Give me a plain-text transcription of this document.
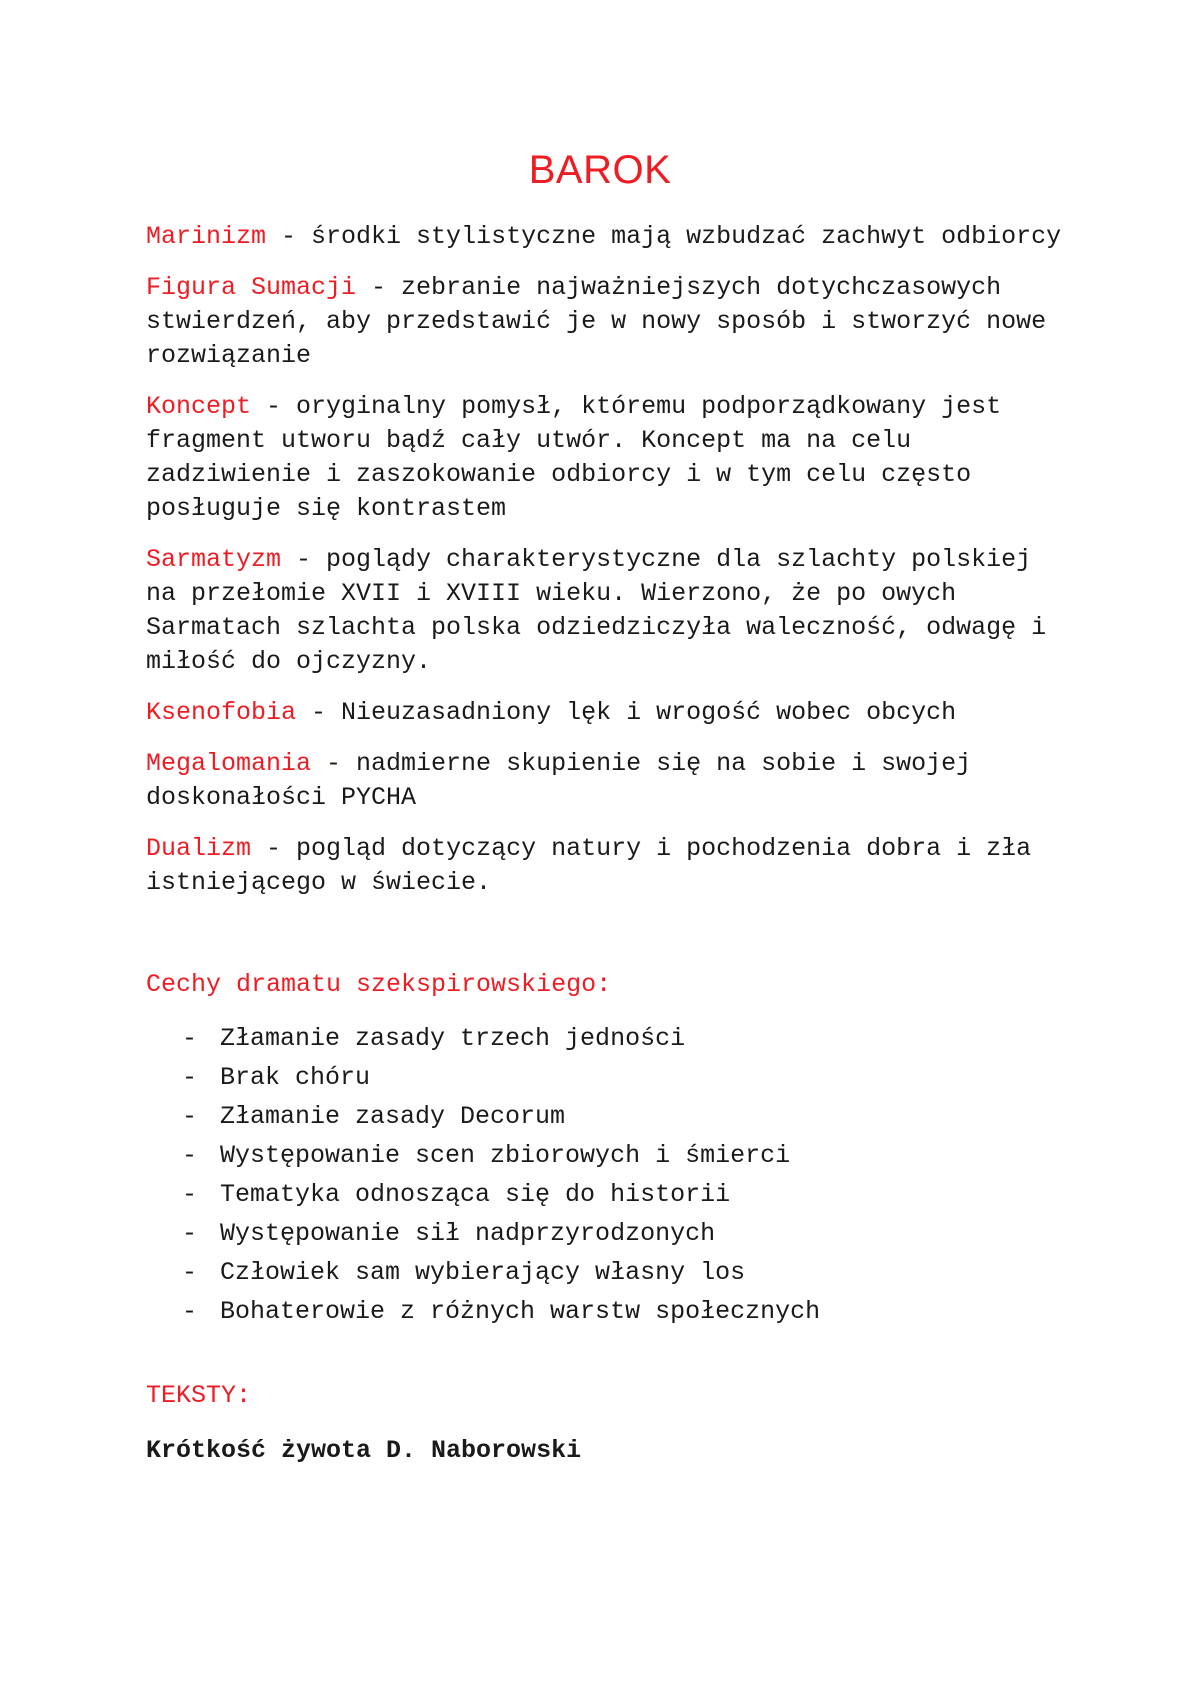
BAROK
Marinizm - środki stylistyczne mają wzbudzać zachwyt odbiorcy
Figura Sumacji - zebranie najważniejszych dotychczasowych stwierdzeń, aby przedstawić je w nowy sposób i stworzyć nowe rozwiązanie
Koncept - oryginalny pomysł, któremu podporządkowany jest fragment utworu bądź cały utwór. Koncept ma na celu zadziwienie i zaszokowanie odbiorcy i w tym celu często posługuje się kontrastem
Sarmatyzm - poglądy charakterystyczne dla szlachty polskiej na przełomie XVII i XVIII wieku. Wierzono, że po owych Sarmatach szlachta polska odziedziczyła waleczność, odwagę i miłość do ojczyzny.
Ksenofobia - Nieuzasadniony lęk i wrogość wobec obcych
Megalomania - nadmierne skupienie się na sobie i swojej doskonałości PYCHA
Dualizm - pogląd dotyczący natury i pochodzenia dobra i zła istniejącego w świecie.
Cechy dramatu szekspirowskiego:
- Złamanie zasady trzech jedności
- Brak chóru
- Złamanie zasady Decorum
- Występowanie scen zbiorowych i śmierci
- Tematyka odnosząca się do historii
- Występowanie sił nadprzyrodzonych
- Człowiek sam wybierający własny los
- Bohaterowie z różnych warstw społecznych
TEKSTY:
Krótkość żywota D. Naborowski
